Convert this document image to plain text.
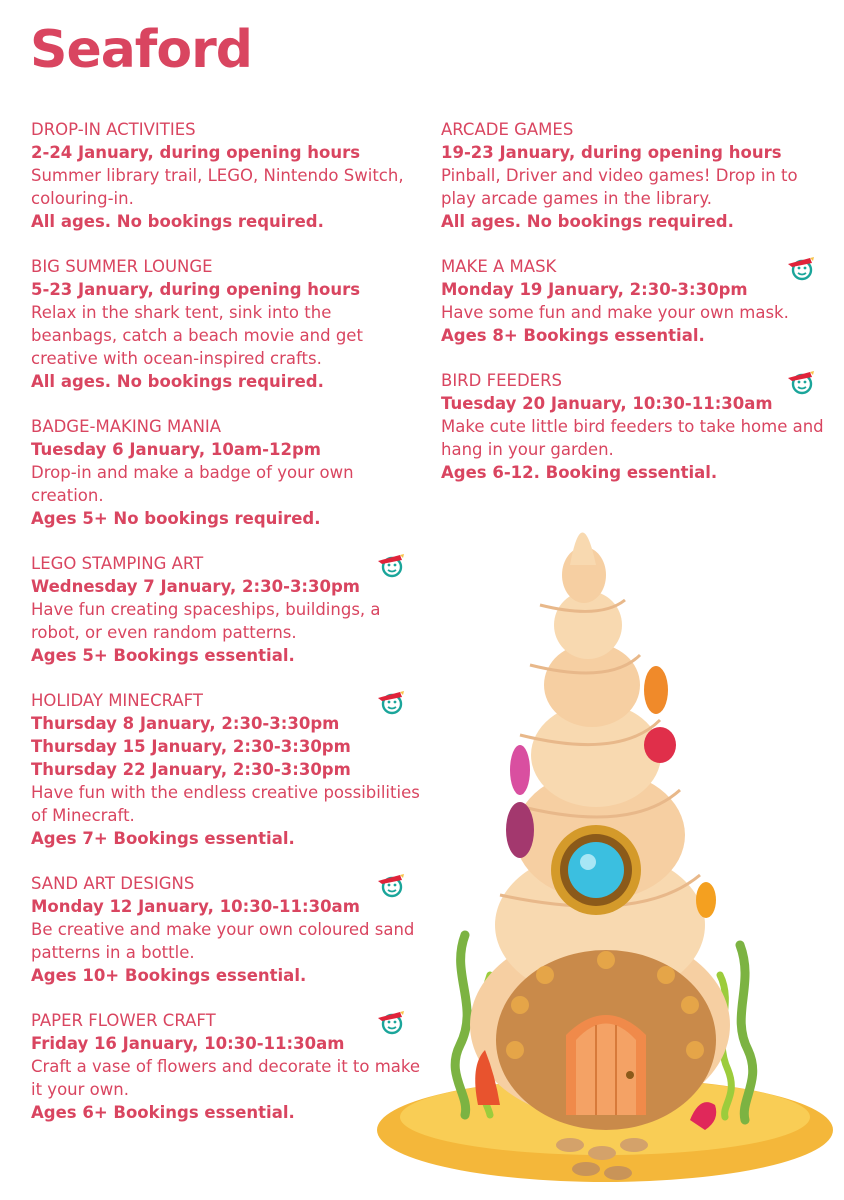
Seaford
DROP-IN ACTIVITIES
2-24 January, during opening hours
Summer library trail, LEGO, Nintendo Switch, colouring-in.
All ages. No bookings required.
BIG SUMMER LOUNGE
5-23 January, during opening hours
Relax in the shark tent, sink into the beanbags, catch a beach movie and get creative with ocean-inspired crafts.
All ages. No bookings required.
BADGE-MAKING MANIA
Tuesday 6 January, 10am-12pm
Drop-in and make a badge of your own creation.
Ages 5+ No bookings required.
LEGO STAMPING ART
Wednesday 7 January, 2:30-3:30pm
Have fun creating spaceships, buildings, a robot, or even random patterns.
Ages 5+ Bookings essential.
HOLIDAY MINECRAFT
Thursday 8 January, 2:30-3:30pm
Thursday 15 January, 2:30-3:30pm
Thursday 22 January, 2:30-3:30pm
Have fun with the endless creative possibilities of Minecraft.
Ages 7+ Bookings essential.
SAND ART DESIGNS
Monday 12 January, 10:30-11:30am
Be creative and make your own coloured sand patterns in a bottle.
Ages 10+ Bookings essential.
PAPER FLOWER CRAFT
Friday 16 January, 10:30-11:30am
Craft a vase of flowers and decorate it to make it your own.
Ages 6+ Bookings essential.
ARCADE GAMES
19-23 January, during opening hours
Pinball, Driver and video games! Drop in to play arcade games in the library.
All ages. No bookings required.
MAKE A MASK
Monday 19 January, 2:30-3:30pm
Have some fun and make your own mask.
Ages 8+ Bookings essential.
BIRD FEEDERS
Tuesday 20 January, 10:30-11:30am
Make cute little bird feeders to take home and hang in your garden.
Ages 6-12. Booking essential.
